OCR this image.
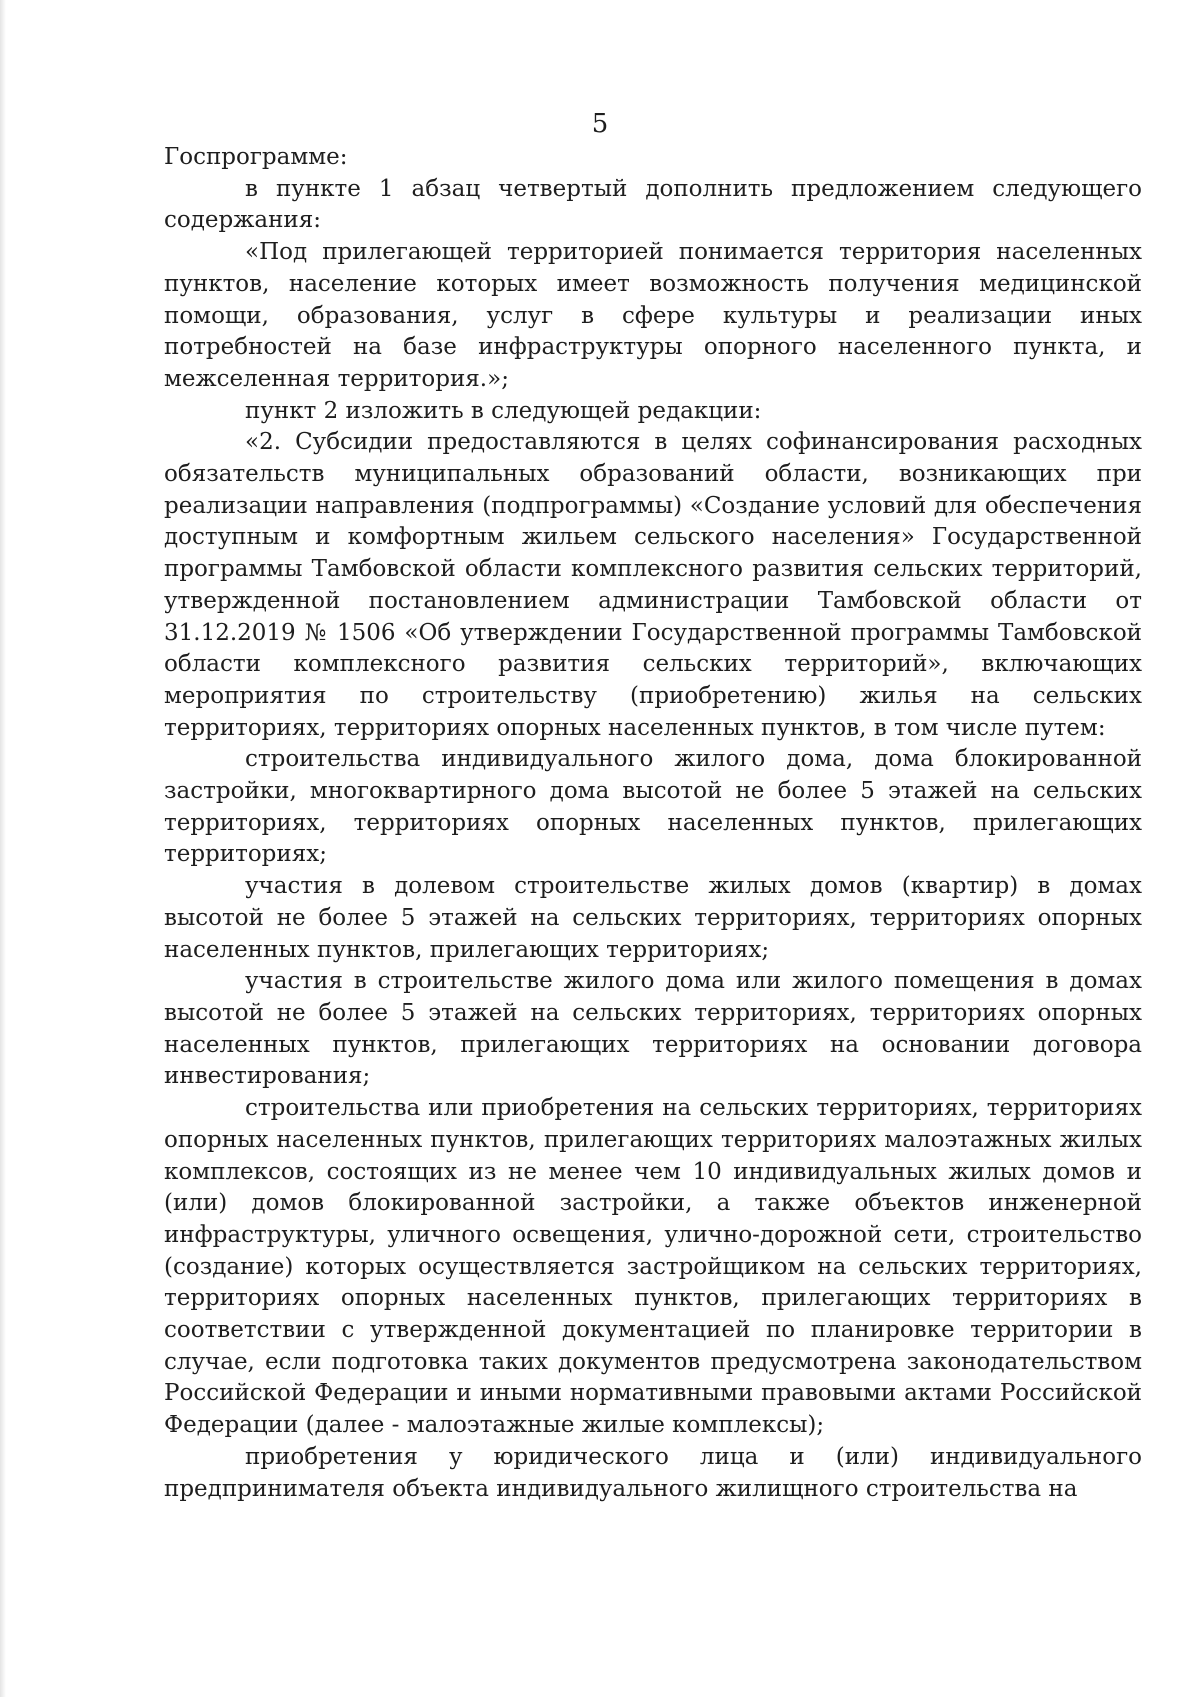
5

Госпрограмме:

в пункте 1 абзац четвертый дополнить предложением следующего содержания:

«Под прилегающей территорией понимается территория населенных пунктов, население которых имеет возможность получения медицинской помощи, образования, услуг в сфере культуры и реализации иных потребностей на базе инфраструктуры опорного населенного пункта, и межселенная территория.»;

пункт 2 изложить в следующей редакции:

«2. Субсидии предоставляются в целях софинансирования расходных обязательств муниципальных образований области, возникающих при реализации направления (подпрограммы) «Создание условий для обеспечения доступным и комфортным жильем сельского населения» Государственной программы Тамбовской области комплексного развития сельских территорий, утвержденной постановлением администрации Тамбовской области от 31.12.2019 № 1506 «Об утверждении Государственной программы Тамбовской области комплексного развития сельских территорий», включающих мероприятия по строительству (приобретению) жилья на сельских территориях, территориях опорных населенных пунктов, в том числе путем:

строительства индивидуального жилого дома, дома блокированной застройки, многоквартирного дома высотой не более 5 этажей на сельских территориях, территориях опорных населенных пунктов, прилегающих территориях;

участия в долевом строительстве жилых домов (квартир) в домах высотой не более 5 этажей на сельских территориях, территориях опорных населенных пунктов, прилегающих территориях;

участия в строительстве жилого дома или жилого помещения в домах высотой не более 5 этажей на сельских территориях, территориях опорных населенных пунктов, прилегающих территориях на основании договора инвестирования;

строительства или приобретения на сельских территориях, территориях опорных населенных пунктов, прилегающих территориях малоэтажных жилых комплексов, состоящих из не менее чем 10 индивидуальных жилых домов и (или) домов блокированной застройки, а также объектов инженерной инфраструктуры, уличного освещения, улично-дорожной сети, строительство (создание) которых осуществляется застройщиком на сельских территориях, территориях опорных населенных пунктов, прилегающих территориях в соответствии с утвержденной документацией по планировке территории в случае, если подготовка таких документов предусмотрена законодательством Российской Федерации и иными нормативными правовыми актами Российской Федерации (далее - малоэтажные жилые комплексы);

приобретения у юридического лица и (или) индивидуального предпринимателя объекта индивидуального жилищного строительства на
